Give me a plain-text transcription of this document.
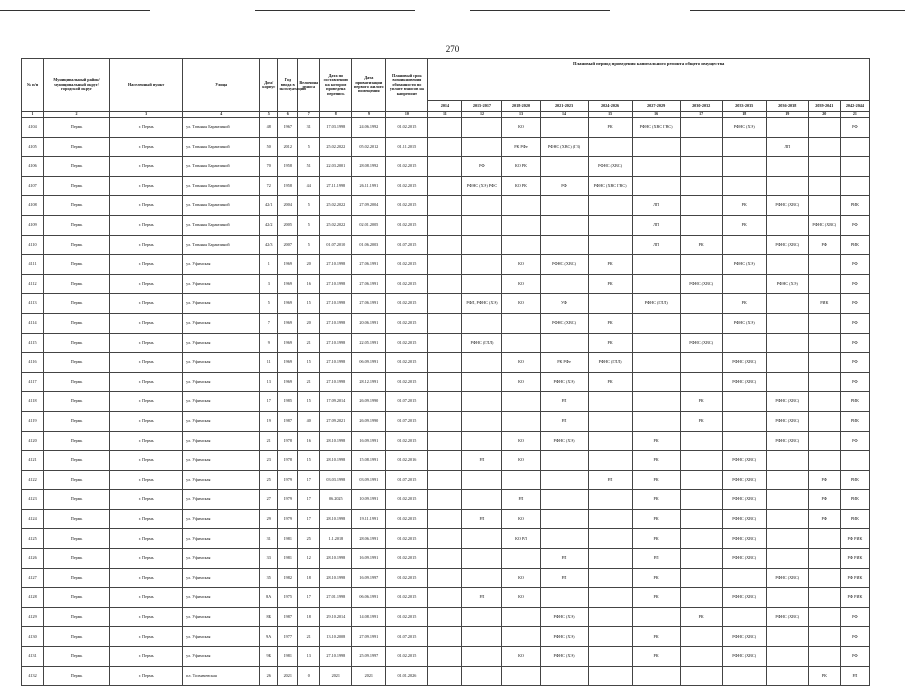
270
№ п/п	Муниципальный район/ муниципальный округ/ городской округ	Населенный пункт	Улица	Дом/ корпус	Год ввода в эксплуатацию	Величина износа	Дата по составлению на котором проведена перепись	Дата приватизации первого жилого помещения	Плановый срок возникновения обязанности по уплате взносов на капремонт	Плановый период проведения капитального ремонта общего имущества										
										2014	2015-2017	2018-2020	2021-2023	2024-2026	2027-2029	2030-2032	2033-2035	2036-2038	2039-2041	2042-2044
1	2	3	4	5	6	7	8	9	10	11	12	13	14	15	16	17	18	19	20	21
4104	Пермь	г. Пермь	ул. Татьяны Барамзиной	48	1967	31	17.03.1998	24.06.1992	01.02.2015			КО		РК	РФНС (ХВС ГВС)		РФНС (ХЭ)			РФ
4105	Пермь	г. Пермь	ул. Татьяны Барамзиной	50	2012	5	25.02.2022	05.02.2012	01.11.2015			РК РФе	РФНС (ХВС) (ГЗ)					ЛП		
4106	Пермь	г. Пермь	ул. Татьяны Барамзиной	70	1958	51	22.03.2001	28.08.1992	01.02.2015		РФ	КО РК		РФНС (ХВС)						
4107	Пермь	г. Пермь	ул. Татьяны Барамзиной	72	1958	44	27.11.1998	26.11.1991	01.02.2015		РФНС (ХЭ) РФС	КО РК	РФ	РФНС (ХВС ГВС)						
4108	Пермь	г. Пермь	ул. Татьяны Барамзиной	42/1	2004	5	25.02.2022	27.09.2004	01.02.2015						ЛП		РК	РФНС (ХВС)		РИК
4109	Пермь	г. Пермь	ул. Татьяны Барамзиной	42/2	2005	5	25.02.2022	02.01.2005	01.02.2015						ЛП		РК		РФНС (ХВС)	РФ
4110	Пермь	г. Пермь	ул. Татьяны Барамзиной	42/3	2007	5	01.07.2010	01.06.2003	01.07.2015						ЛП	РК		РФНС (ХВС)	РФ	РИК
4111	Пермь	г. Пермь	ул. Уфимская	1	1969	20	27.10.1998	27.06.1991	01.02.2015			КО	РФНС (ХВС)	РК			РФНС (ХЭ)			РФ
4112	Пермь	г. Пермь	ул. Уфимская	3	1969	16	27.10.1998	27.06.1991	01.02.2015			КО		РК		РФНС (ХВС)		РФНС (ХЭ)		РФ
4113	Пермь	г. Пермь	ул. Уфимская	5	1969	15	27.10.1998	27.06.1991	01.02.2015		РФЛ, РФНС (ХЭ)	КО	УФ		РФНС (ГЛЛ)		РК		РИК	РФ
4114	Пермь	г. Пермь	ул. Уфимская	7	1969	20	27.10.1998	20.06.1991	01.02.2015				РФНС (ХВС)	РК			РФНС (ХЭ)			РФ
4115	Пермь	г. Пермь	ул. Уфимская	9	1969	21	27.10.1998	22.05.1991	01.02.2015		РФНС (ГЛЛ)			РК		РФНС (ХВС)				РФ
4116	Пермь	г. Пермь	ул. Уфимская	11	1969	15	27.10.1998	06.09.1991	01.02.2015			КО	РК РФе	РФНС (ГЛЛ)			РФНС (ХВС)			РФ
4117	Пермь	г. Пермь	ул. Уфимская	13	1969	21	27.10.1998	28.12.1991	01.02.2015			КО	РФНС (ХЭ)	РК			РФНС (ХВС)			РФ
4118	Пермь	г. Пермь	ул. Уфимская	17	1985	15	17.09.2014	26.09.1990	01.07.2015				РЛ			РК		РФНС (ХВС)		РИК
4119	Пермь	г. Пермь	ул. Уфимская	19	1987	40	27.09.2021	26.09.1990	01.07.2015				РЛ			РК		РФНС (ХВС)		РИК
4120	Пермь	г. Пермь	ул. Уфимская	21	1978	16	28.10.1998	16.09.1991	01.02.2015			КО	РФНС (ХЭ)		РК			РФНС (ХВС)		РФ
4121	Пермь	г. Пермь	ул. Уфимская	23	1978	15	28.10.1998	15.08.1991	01.02.2016		РЛ	КО			РК		РФНС (ХВС)			
4122	Пермь	г. Пермь	ул. Уфимская	25	1979	17	03.03.1998	03.09.1991	01.07.2015					РЛ	РК		РФНС (ХВС)		РФ	РИК
4123	Пермь	г. Пермь	ул. Уфимская	27	1979	17	06.2025	10.09.1991	01.02.2015			РЛ			РК		РФНС (ХВС)		РФ	РИК
4124	Пермь	г. Пермь	ул. Уфимская	29	1979	17	28.10.1998	19.11.1991	01.02.2015		РЛ	КО			РК		РФНС (ХВС)		РФ	РИК
4125	Пермь	г. Пермь	ул. Уфимская	31	1981	25	1.1.2018	28.06.1991	01.02.2015			КО РЛ			РК		РФНС (ХВС)			РФ РИК
4126	Пермь	г. Пермь	ул. Уфимская	33	1981	12	28.10.1998	16.09.1991	01.02.2015				РЛ		РЛ		РФНС (ХВС)			РФ РИК
4127	Пермь	г. Пермь	ул. Уфимская	35	1982	18	28.10.1998	16.09.1997	01.02.2015			КО	РЛ		РК			РФНС (ХВС)		РФ РИК
4128	Пермь	г. Пермь	ул. Уфимская	8А	1975	17	27.01.1998	06.06.1991	01.02.2015		РЛ	КО			РК		РФНС (ХВС)			РФ РИК
4129	Пермь	г. Пермь	ул. Уфимская	8Б	1987	18	29.10.2014	14.08.1991	01.02.2015				РФНС (ХЭ)			РК		РФНС (ХВС)		РФ
4130	Пермь	г. Пермь	ул. Уфимская	9А	1977	21	13.10.2008	27.09.1991	01.07.2015				РФНС (ХЭ)		РК		РФНС (ХВС)			РФ
4131	Пермь	г. Пермь	ул. Уфимская	9Б	1981	13	27.10.1998	25.09.1997	01.02.2015			КО	РФНС (ХЭ)		РК		РФНС (ХВС)			РФ
4132	Пермь	г. Пермь	пл. Толмачевская	26	2021	0	2021	2021	01.01.2026										РК	РЛ
